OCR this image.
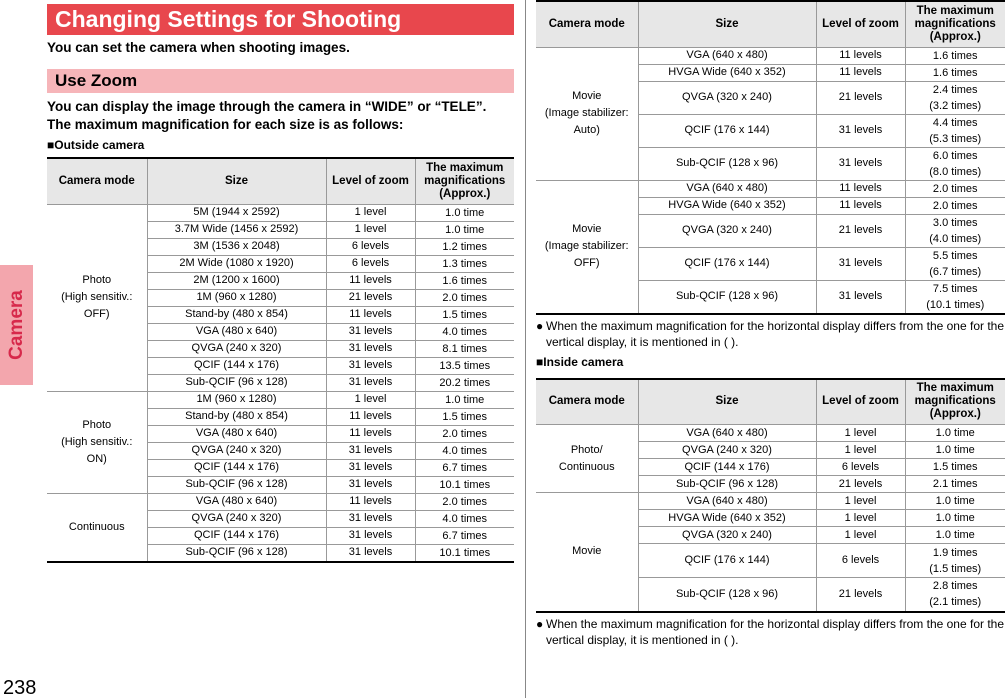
Camera
238
Changing Settings for Shooting
You can set the camera when shooting images.
Use Zoom
You can display the image through the camera in “WIDE” or “TELE”.
The maximum magnification for each size is as follows:
■Outside camera
Camera mode	Size	Level of zoom	The maximum magnifications (Approx.)
Photo
(High sensitiv.:
OFF)	5M (1944 x 2592)	1 level	1.0 time
	3.7M Wide (1456 x 2592)	1 level	1.0 time
	3M (1536 x 2048)	6 levels	1.2 times
	2M Wide (1080 x 1920)	6 levels	1.3 times
	2M (1200 x 1600)	11 levels	1.6 times
	1M (960 x 1280)	21 levels	2.0 times
	Stand-by (480 x 854)	11 levels	1.5 times
	VGA (480 x 640)	31 levels	4.0 times
	QVGA (240 x 320)	31 levels	8.1 times
	QCIF (144 x 176)	31 levels	13.5 times
	Sub-QCIF (96 x 128)	31 levels	20.2 times
Photo
(High sensitiv.:
ON)	1M (960 x 1280)	1 level	1.0 time
	Stand-by (480 x 854)	11 levels	1.5 times
	VGA (480 x 640)	11 levels	2.0 times
	QVGA (240 x 320)	31 levels	4.0 times
	QCIF (144 x 176)	31 levels	6.7 times
	Sub-QCIF (96 x 128)	31 levels	10.1 times
Continuous	VGA (480 x 640)	11 levels	2.0 times
	QVGA (240 x 320)	31 levels	4.0 times
	QCIF (144 x 176)	31 levels	6.7 times
	Sub-QCIF (96 x 128)	31 levels	10.1 times
Camera mode	Size	Level of zoom	The maximum magnifications (Approx.)
Movie
(Image stabilizer:
Auto)	VGA (640 x 480)	11 levels	1.6 times
	HVGA Wide (640 x 352)	11 levels	1.6 times
	QVGA (320 x 240)	21 levels	2.4 times
(3.2 times)
	QCIF (176 x 144)	31 levels	4.4 times
(5.3 times)
	Sub-QCIF (128 x 96)	31 levels	6.0 times
(8.0 times)
Movie
(Image stabilizer:
OFF)	VGA (640 x 480)	11 levels	2.0 times
	HVGA Wide (640 x 352)	11 levels	2.0 times
	QVGA (320 x 240)	21 levels	3.0 times
(4.0 times)
	QCIF (176 x 144)	31 levels	5.5 times
(6.7 times)
	Sub-QCIF (128 x 96)	31 levels	7.5 times
(10.1 times)
● When the maximum magnification for the horizontal display differs from the one for the vertical display, it is mentioned in ( ).
■Inside camera
Camera mode	Size	Level of zoom	The maximum magnifications (Approx.)
Photo/
Continuous	VGA (640 x 480)	1 level	1.0 time
	QVGA (240 x 320)	1 level	1.0 time
	QCIF (144 x 176)	6 levels	1.5 times
	Sub-QCIF (96 x 128)	21 levels	2.1 times
Movie	VGA (640 x 480)	1 level	1.0 time
	HVGA Wide (640 x 352)	1 level	1.0 time
	QVGA (320 x 240)	1 level	1.0 time
	QCIF (176 x 144)	6 levels	1.9 times
(1.5 times)
	Sub-QCIF (128 x 96)	21 levels	2.8 times
(2.1 times)
● When the maximum magnification for the horizontal display differs from the one for the vertical display, it is mentioned in ( ).
